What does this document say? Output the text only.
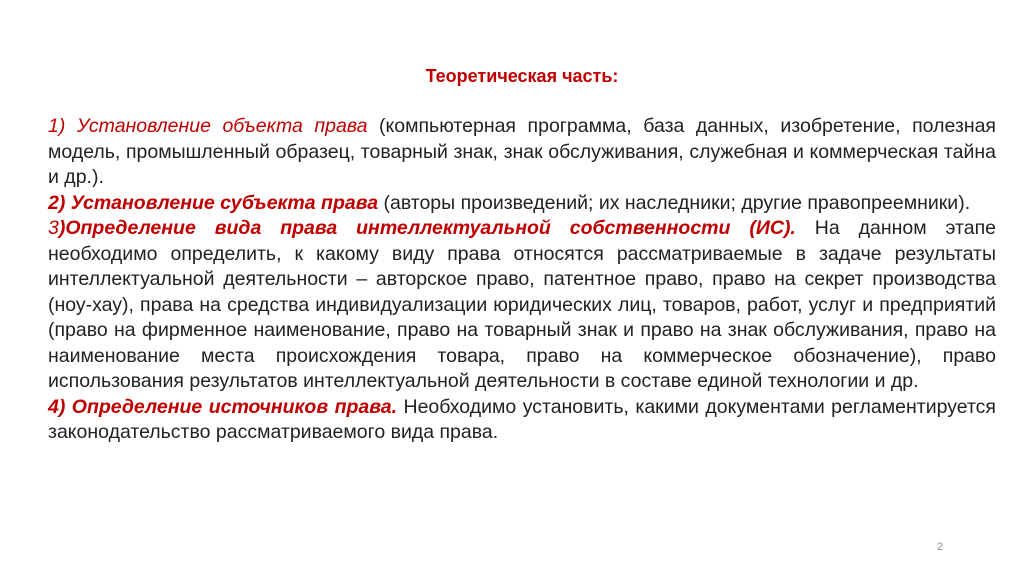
Теоретическая часть:

1) Установление объекта права (компьютерная программа, база данных, изобретение, полезная модель, промышленный образец, товарный знак, знак обслуживания, служебная и коммерческая тайна и др.).

2) Установление субъекта права (авторы произведений; их наследники; другие правопреемники).

3)Определение вида права интеллектуальной собственности (ИС). На данном этапе необходимо определить, к какому виду права относятся рассматриваемые в задаче результаты интеллектуальной деятельности – авторское право, патентное право, право на секрет производства (ноу-хау), права на средства индивидуализации юридических лиц, товаров, работ, услуг и предприятий (право на фирменное наименование, право на товарный знак и право на знак обслуживания, право на наименование места происхождения товара, право на коммерческое обозначение), право использования результатов интеллектуальной деятельности в составе единой технологии и др.

4) Определение источников права. Необходимо установить, какими документами регламентируется законодательство рассматриваемого вида права.

2
